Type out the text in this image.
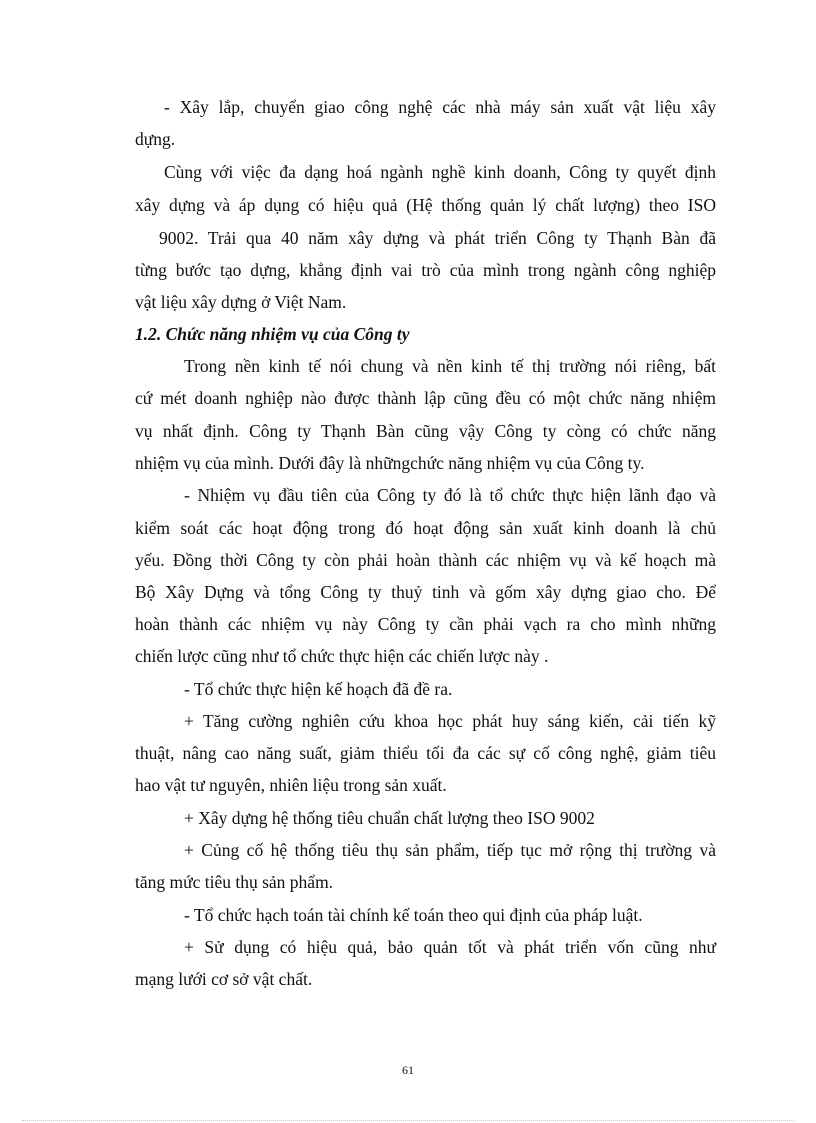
- Xây lắp, chuyển giao công nghệ các nhà máy sản xuất vật liệu xây
dựng.
Cùng với việc đa dạng hoá ngành nghề kinh doanh, Công ty quyết định
xây dựng và áp dụng có hiệu quả (Hệ thống quản lý chất lượng) theo ISO
9002. Trải qua 40 năm xây dựng và phát triển Công ty Thạnh Bàn đã
từng bước tạo dựng, khẳng định vai trò của mình trong ngành công nghiệp
vật liệu xây dựng ở Việt Nam.
1.2. Chức năng nhiệm vụ của Công ty
Trong nền kinh tế nói chung và nền kinh tế thị trường nói riêng, bất
cứ mét doanh nghiệp nào được thành lập cũng đều có một chức năng nhiệm
vụ nhất định. Công ty Thạnh Bàn cũng vậy Công ty còng có chức năng
nhiệm vụ của mình. Dưới đây là nhữngchức năng nhiệm vụ của Công ty.
- Nhiệm vụ đầu tiên của Công ty đó là tổ chức thực hiện lãnh đạo và
kiểm soát các hoạt động trong đó hoạt động sản xuất kinh doanh là chủ
yếu. Đồng thời Công ty còn phải hoàn thành các nhiệm vụ và kế hoạch mà
Bộ Xây Dựng và tổng Công ty thuỷ tinh và gốm xây dựng giao cho. Để
hoàn thành các nhiệm vụ này Công ty cần phải vạch ra cho mình những
chiến lược cũng như tổ chức thực hiện các chiến lược này .
- Tổ chức thực hiện kế hoạch đã đề ra.
+ Tăng cường nghiên cứu khoa học phát huy sáng kiến, cải tiến kỹ
thuật, nâng cao năng suất, giảm thiểu tối đa các sự cố công nghệ, giảm tiêu
hao vật tư nguyên, nhiên liệu trong sản xuất.
+ Xây dựng hệ thống tiêu chuẩn chất lượng theo ISO 9002
+ Củng cố hệ thống tiêu thụ sản phẩm, tiếp tục mở rộng thị trường và
tăng mức tiêu thụ sản phẩm.
- Tổ chức hạch toán tài chính kế toán theo qui định của pháp luật.
+ Sử dụng có hiệu quả, bảo quản tốt và phát triển vốn cũng như
mạng lưới cơ sở vật chất.
61
